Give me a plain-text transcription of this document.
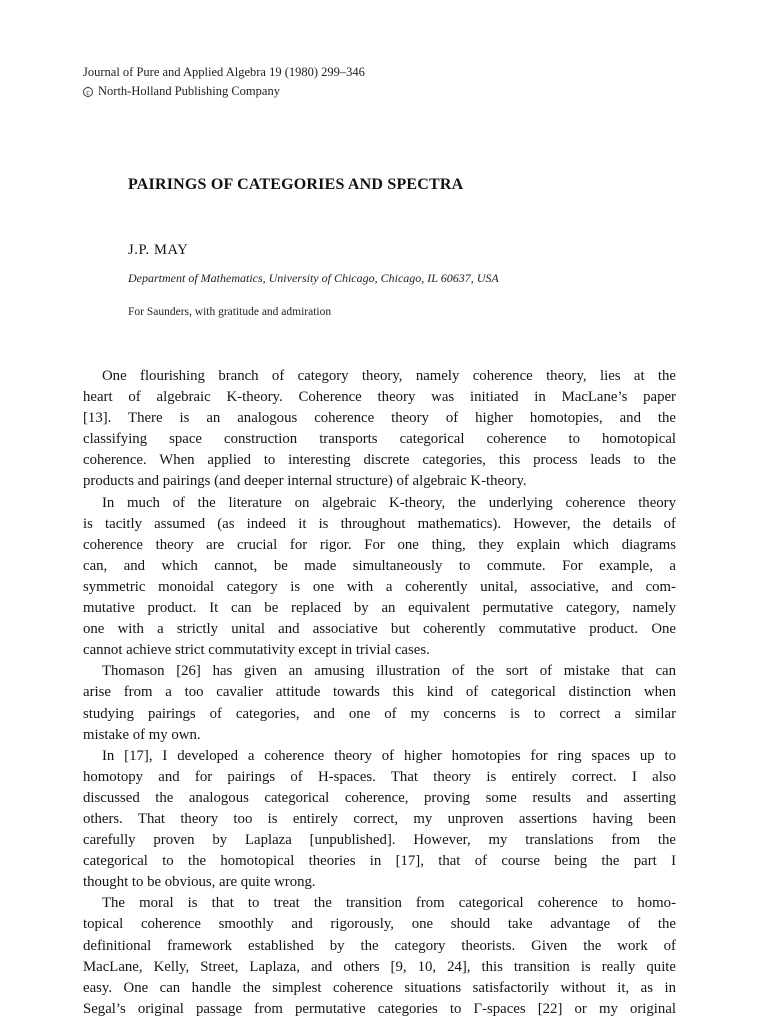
Journal of Pure and Applied Algebra 19 (1980) 299–346
c North-Holland Publishing Company
PAIRINGS OF CATEGORIES AND SPECTRA
J.P. MAY
Department of Mathematics, University of Chicago, Chicago, IL 60637, USA
For Saunders, with gratitude and admiration
One flourishing branch of category theory, namely coherence theory, lies at the
heart of algebraic K-theory. Coherence theory was initiated in MacLane’s paper
[13]. There is an analogous coherence theory of higher homotopies, and the
classifying space construction transports categorical coherence to homotopical
coherence. When applied to interesting discrete categories, this process leads to the
products and pairings (and deeper internal structure) of algebraic K-theory.
In much of the literature on algebraic K-theory, the underlying coherence theory
is tacitly assumed (as indeed it is throughout mathematics). However, the details of
coherence theory are crucial for rigor. For one thing, they explain which diagrams
can, and which cannot, be made simultaneously to commute. For example, a
symmetric monoidal category is one with a coherently unital, associative, and com-
mutative product. It can be replaced by an equivalent permutative category, namely
one with a strictly unital and associative but coherently commutative product. One
cannot achieve strict commutativity except in trivial cases.
Thomason [26] has given an amusing illustration of the sort of mistake that can
arise from a too cavalier attitude towards this kind of categorical distinction when
studying pairings of categories, and one of my concerns is to correct a similar
mistake of my own.
In [17], I developed a coherence theory of higher homotopies for ring spaces up to
homotopy and for pairings of H-spaces. That theory is entirely correct. I also
discussed the analogous categorical coherence, proving some results and asserting
others. That theory too is entirely correct, my unproven assertions having been
carefully proven by Laplaza [unpublished]. However, my translations from the
categorical to the homotopical theories in [17], that of course being the part I
thought to be obvious, are quite wrong.
The moral is that to treat the transition from categorical coherence to homo-
topical coherence smoothly and rigorously, one should take advantage of the
definitional framework established by the category theorists. Given the work of
MacLane, Kelly, Street, Laplaza, and others [9, 10, 24], this transition is really quite
easy. One can handle the simplest coherence situations satisfactorily without it, as in
Segal’s original passage from permutative categories to Γ-spaces [22] or my original
